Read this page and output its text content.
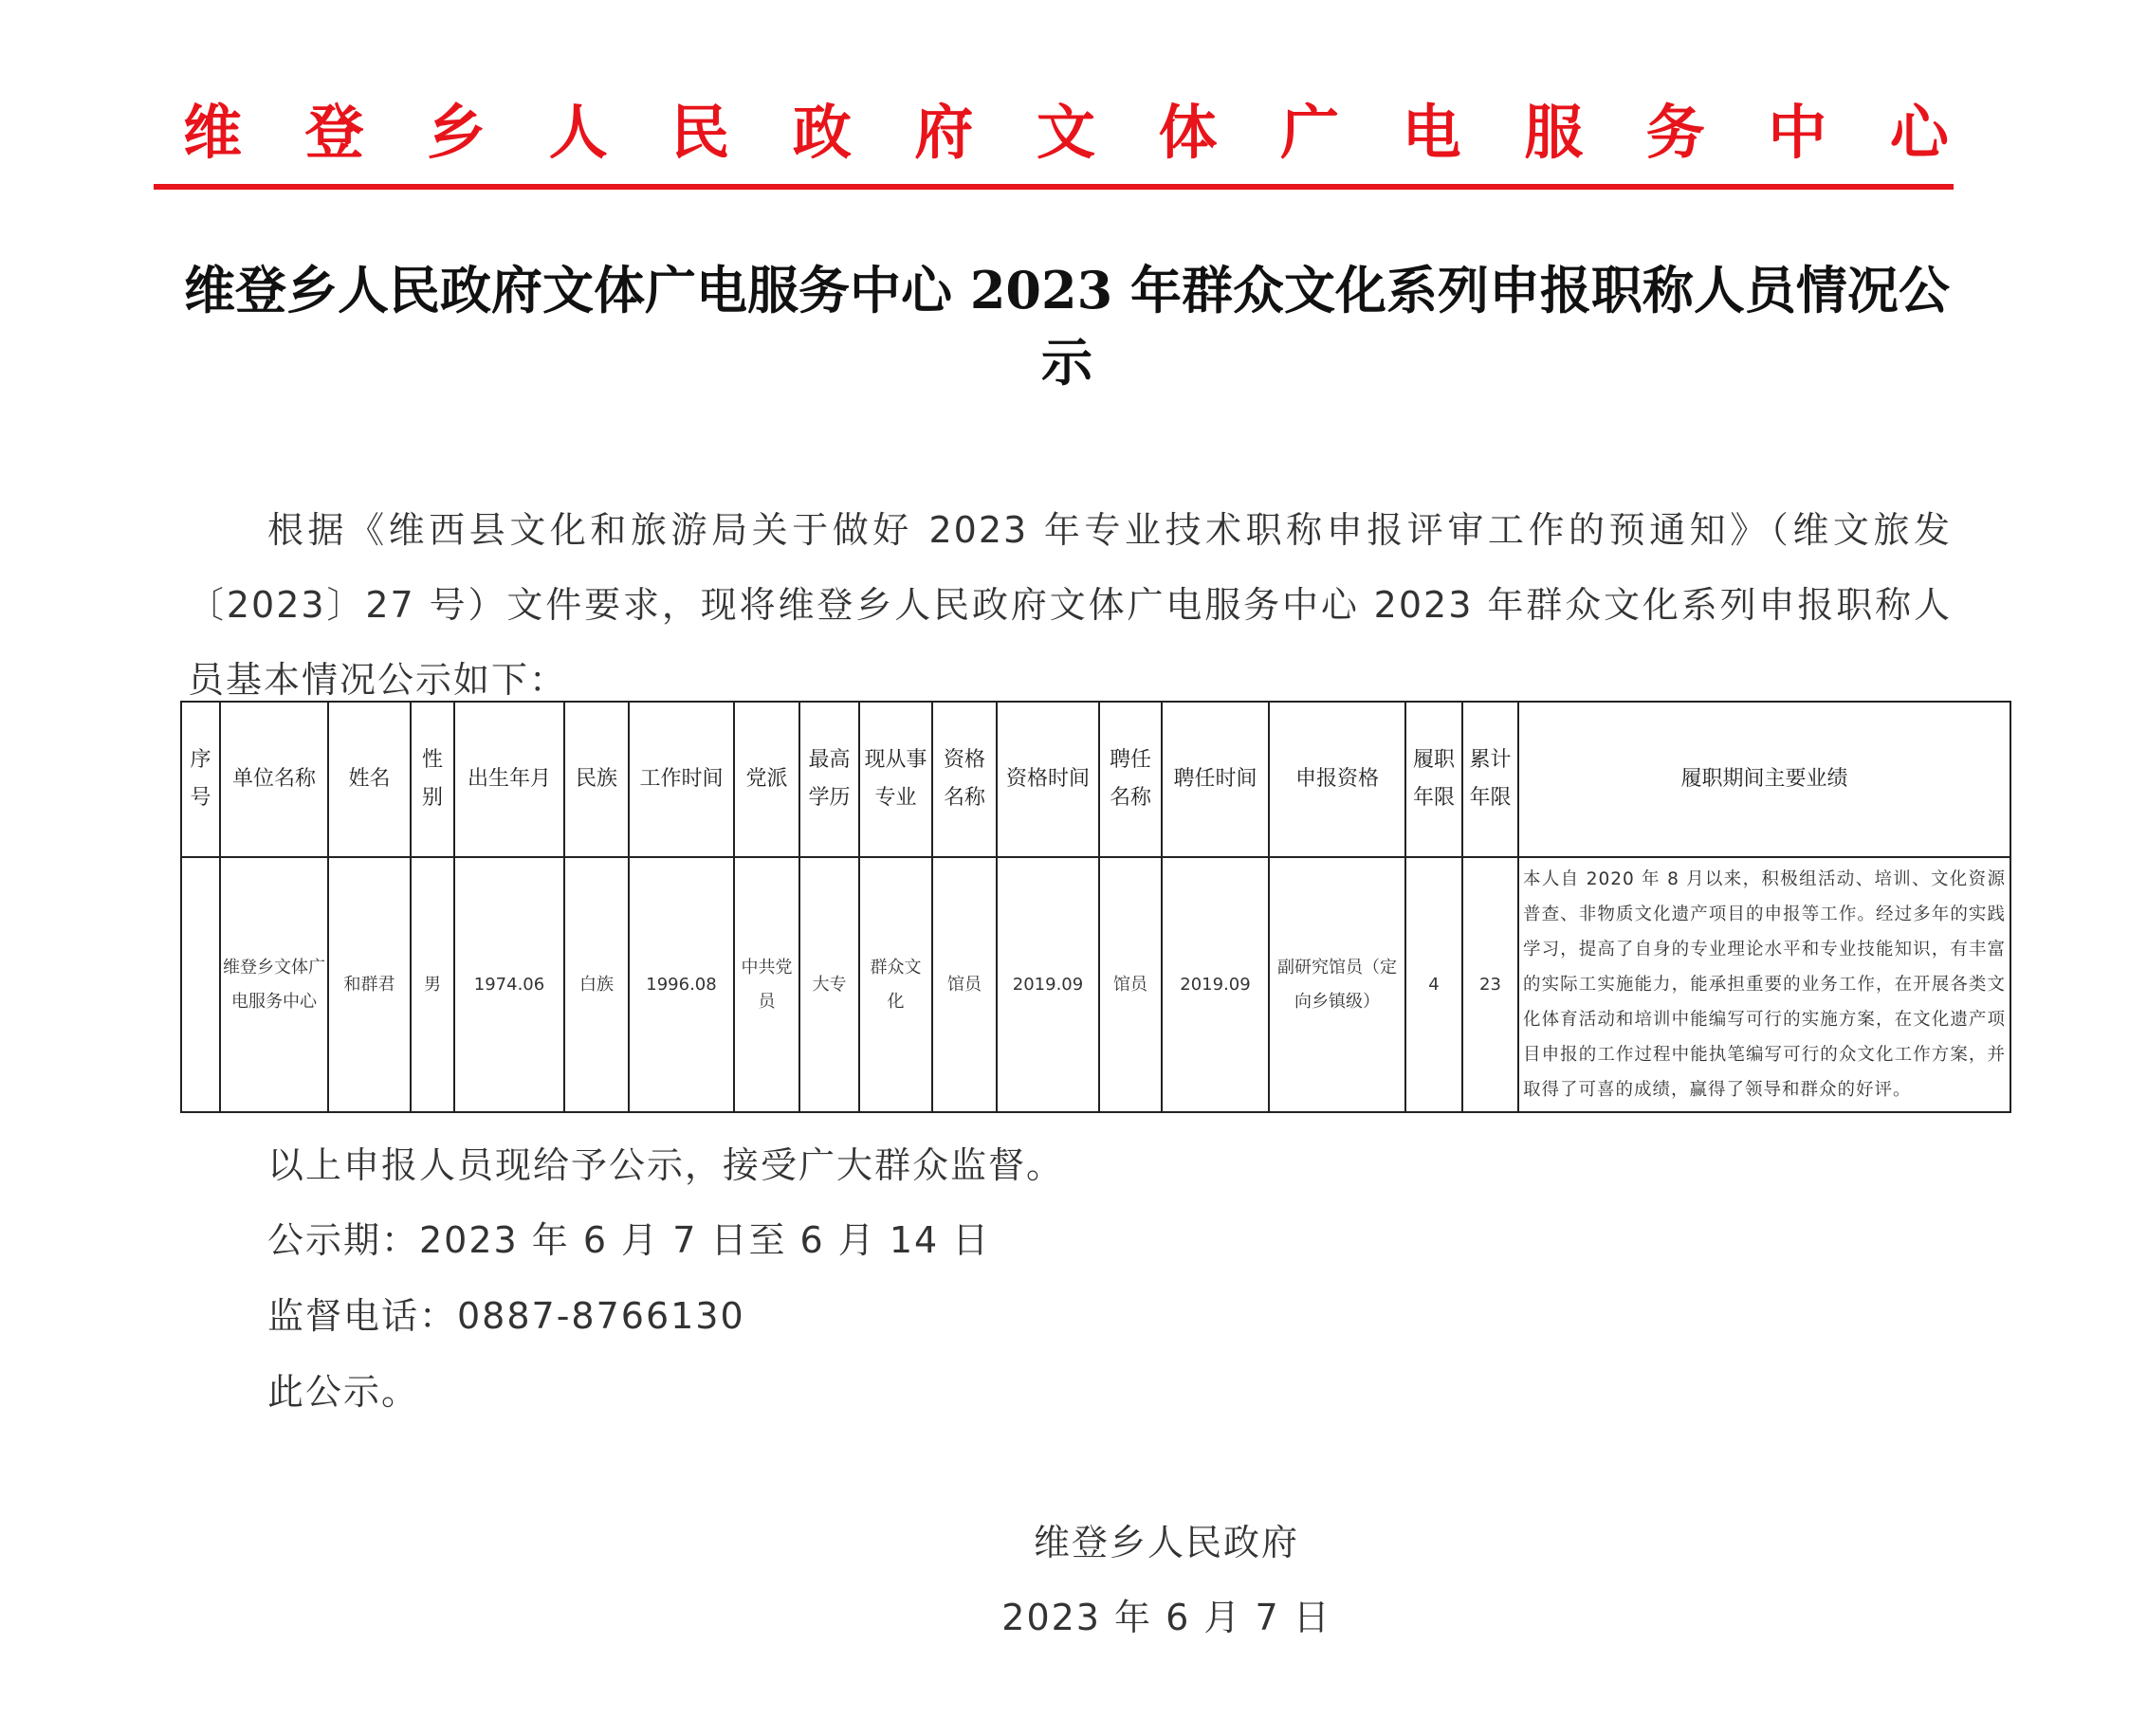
维 登 乡 人 民 政 府 文 体 广 电 服 务 中 心
维登乡人民政府文体广电服务中心 2023 年群众文化系列申报职称人员情况公示
根据《维西县文化和旅游局关于做好 2023 年专业技术职称申报评审工作的预通知》（维文旅发〔2023〕27 号）文件要求，现将维登乡人民政府文体广电服务中心 2023 年群众文化系列申报职称人员基本情况公示如下：
序号	单位名称	姓名	性别	出生年月	民族	工作时间	党派	最高学历	现从事专业	资格名称	资格时间	聘任名称	聘任时间	申报资格	履职年限	累计年限	履职期间主要业绩
	维登乡文体广电服务中心	和群君	男	1974.06	白族	1996.08	中共党员	大专	群众文化	馆员	2019.09	馆员	2019.09	副研究馆员（定向乡镇级）	4	23	本人自 2020 年 8 月以来，积极组活动、培训、文化资源普查、非物质文化遗产项目的申报等工作。经过多年的实践学习，提高了自身的专业理论水平和专业技能知识，有丰富的实际工实施能力，能承担重要的业务工作，在开展各类文化体育活动和培训中能编写可行的实施方案，在文化遗产项目申报的工作过程中能执笔编写可行的众文化工作方案，并取得了可喜的成绩，赢得了领导和群众的好评。
以上申报人员现给予公示，接受广大群众监督。
公示期：2023 年 6 月 7 日至 6 月 14 日
监督电话：0887-8766130
此公示。
维登乡人民政府
2023 年 6 月 7 日
